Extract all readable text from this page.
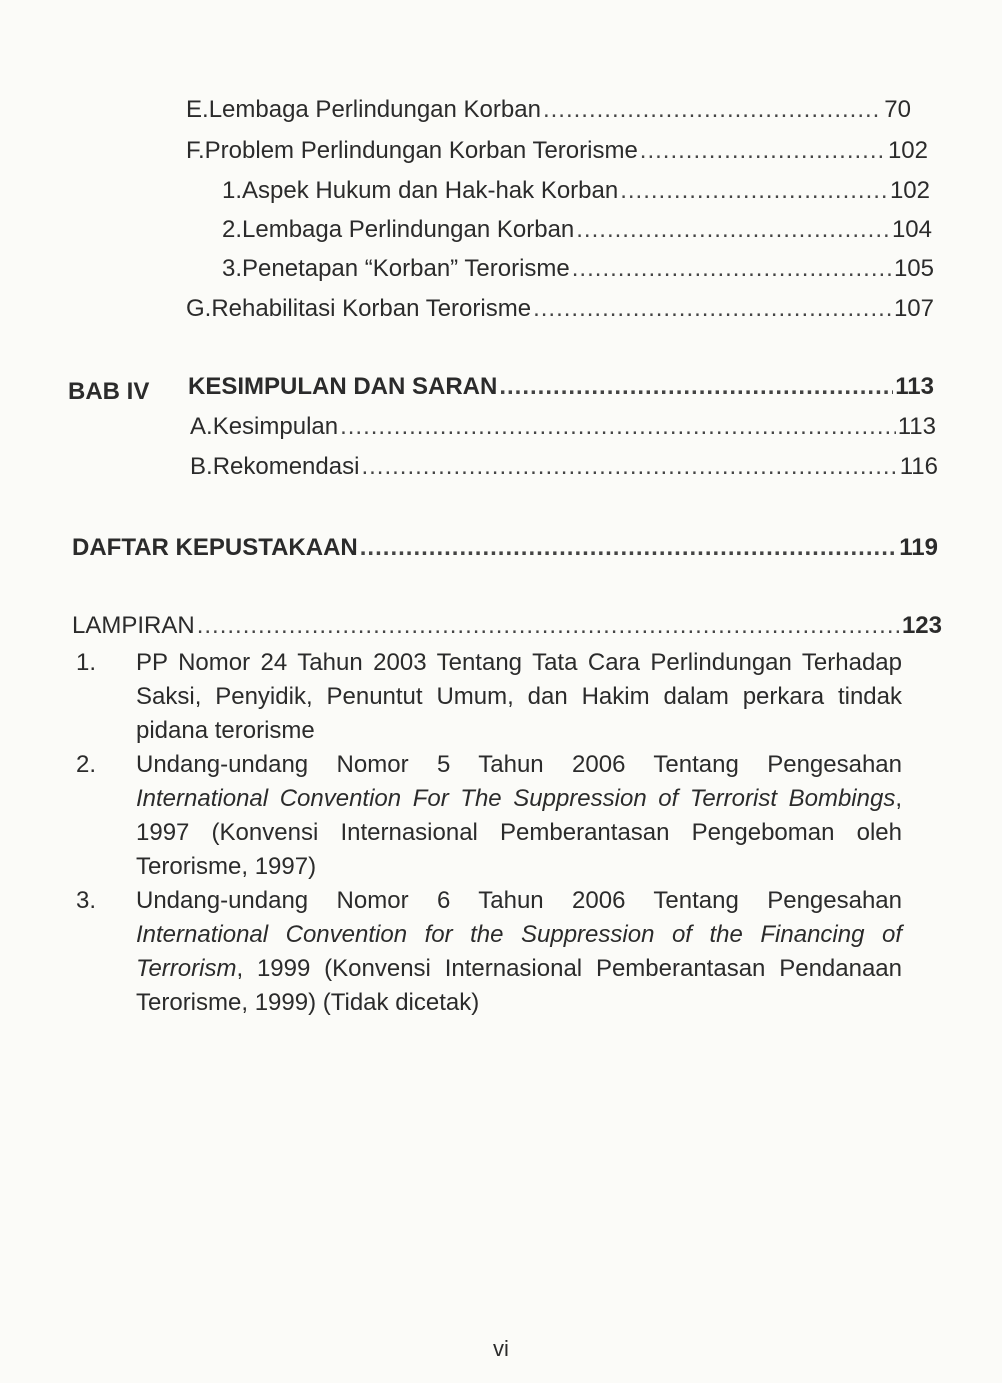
E. Lembaga Perlindungan Korban .....	70
F. Problem Perlindungan Korban Terorisme .....	102
1. Aspek Hukum dan Hak-hak Korban .....	102
2. Lembaga Perlindungan Korban .....	104
3. Penetapan “Korban” Terorisme .....	105
G. Rehabilitasi Korban Terorisme .....	107
BAB IV KESIMPULAN DAN SARAN .....	113
A. Kesimpulan .....	113
B. Rekomendasi .....	116
DAFTAR KEPUSTAKAAN .....	119
LAMPIRAN .....	123
1.	PP Nomor 24 Tahun 2003 Tentang Tata Cara Perlindungan Terhadap Saksi, Penyidik, Penuntut Umum, dan Hakim dalam perkara tindak pidana terorisme
2.	Undang-undang Nomor 5 Tahun 2006 Tentang Pengesahan International Convention For The Suppression of Terrorist Bombings, 1997 (Konvensi Internasional Pemberantasan Pengeboman oleh Terorisme, 1997)
3.	Undang-undang Nomor 6 Tahun 2006 Tentang Pengesahan International Convention for the Suppression of the Financing of Terrorism, 1999 (Konvensi Internasional Pemberantasan Pendanaan Terorisme, 1999) (Tidak dicetak)
vi
